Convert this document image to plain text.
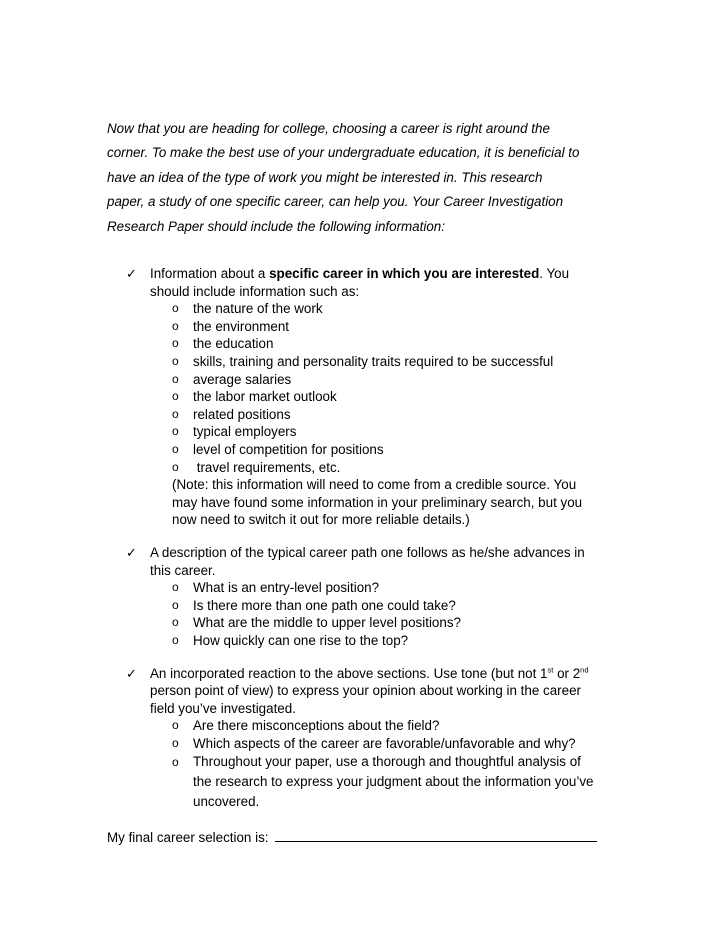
Now that you are heading for college, choosing a career is right around the

corner. To make the best use of your undergraduate education, it is beneficial to

have an idea of the type of work you might be interested in. This research

paper, a study of one specific career, can help you. Your Career Investigation

Research Paper should include the following information:

✓ Information about a specific career in which you are interested. You
should include information such as:
o the nature of the work
o the environment
o the education
o skills, training and personality traits required to be successful
o average salaries
o the labor market outlook
o related positions
o typical employers
o level of competition for positions
o travel requirements, etc.
(Note: this information will need to come from a credible source. You
may have found some information in your preliminary search, but you
now need to switch it out for more reliable details.)
✓ A description of the typical career path one follows as he/she advances in
this career.
o What is an entry-level position?
o Is there more than one path one could take?
o What are the middle to upper level positions?
o How quickly can one rise to the top?
✓ An incorporated reaction to the above sections. Use tone (but not 1st or 2nd
person point of view) to express your opinion about working in the career
field you’ve investigated.
o Are there misconceptions about the field?
o Which aspects of the career are favorable/unfavorable and why?
o Throughout your paper, use a thorough and thoughtful analysis of
the research to express your judgment about the information you’ve
uncovered.
My final career selection is:
